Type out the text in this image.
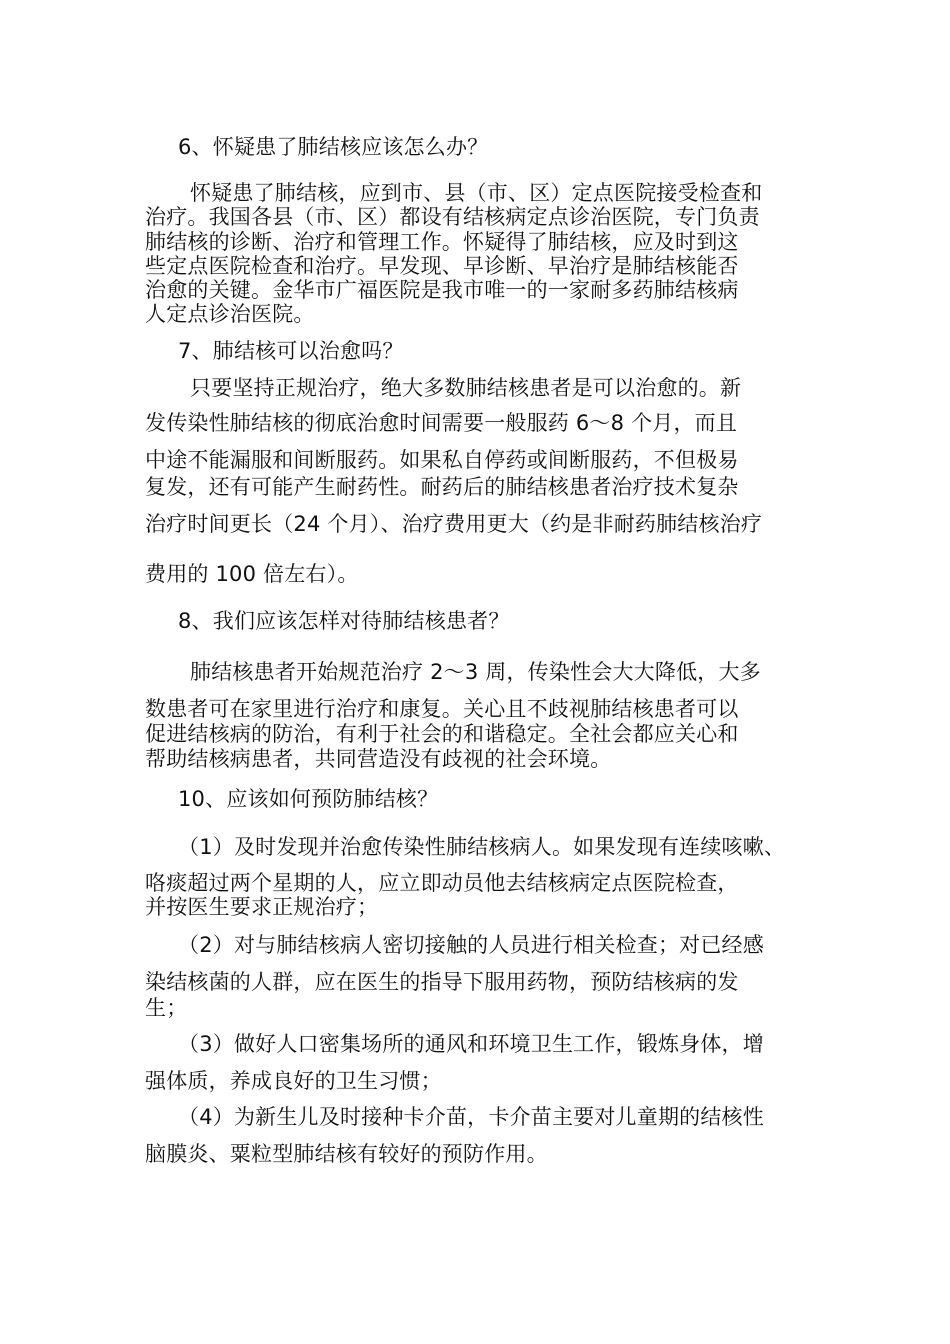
6、怀疑患了肺结核应该怎么办？
怀疑患了肺结核，应到市、县（市、区）定点医院接受检查和
治疗。我国各县（市、区）都设有结核病定点诊治医院，专门负责
肺结核的诊断、治疗和管理工作。怀疑得了肺结核，应及时到这
些定点医院检查和治疗。早发现、早诊断、早治疗是肺结核能否
治愈的关键。金华市广福医院是我市唯一的一家耐多药肺结核病
人定点诊治医院。
7、肺结核可以治愈吗？
只要坚持正规治疗，绝大多数肺结核患者是可以治愈的。新
发传染性肺结核的彻底治愈时间需要一般服药 6～8 个月，而且
中途不能漏服和间断服药。如果私自停药或间断服药，不但极易
复发，还有可能产生耐药性。耐药后的肺结核患者治疗技术复杂
治疗时间更长（24 个月）、治疗费用更大（约是非耐药肺结核治疗
费用的 100 倍左右）。
8、我们应该怎样对待肺结核患者？
肺结核患者开始规范治疗 2～3 周，传染性会大大降低，大多
数患者可在家里进行治疗和康复。关心且不歧视肺结核患者可以
促进结核病的防治，有利于社会的和谐稳定。全社会都应关心和
帮助结核病患者，共同营造没有歧视的社会环境。
10、应该如何预防肺结核？
（1）及时发现并治愈传染性肺结核病人。如果发现有连续咳嗽、
咯痰超过两个星期的人，应立即动员他去结核病定点医院检查，
并按医生要求正规治疗；
（2）对与肺结核病人密切接触的人员进行相关检查；对已经感
染结核菌的人群，应在医生的指导下服用药物，预防结核病的发
生；
（3）做好人口密集场所的通风和环境卫生工作，锻炼身体，增
强体质，养成良好的卫生习惯；
（4）为新生儿及时接种卡介苗，卡介苗主要对儿童期的结核性
脑膜炎、粟粒型肺结核有较好的预防作用。
